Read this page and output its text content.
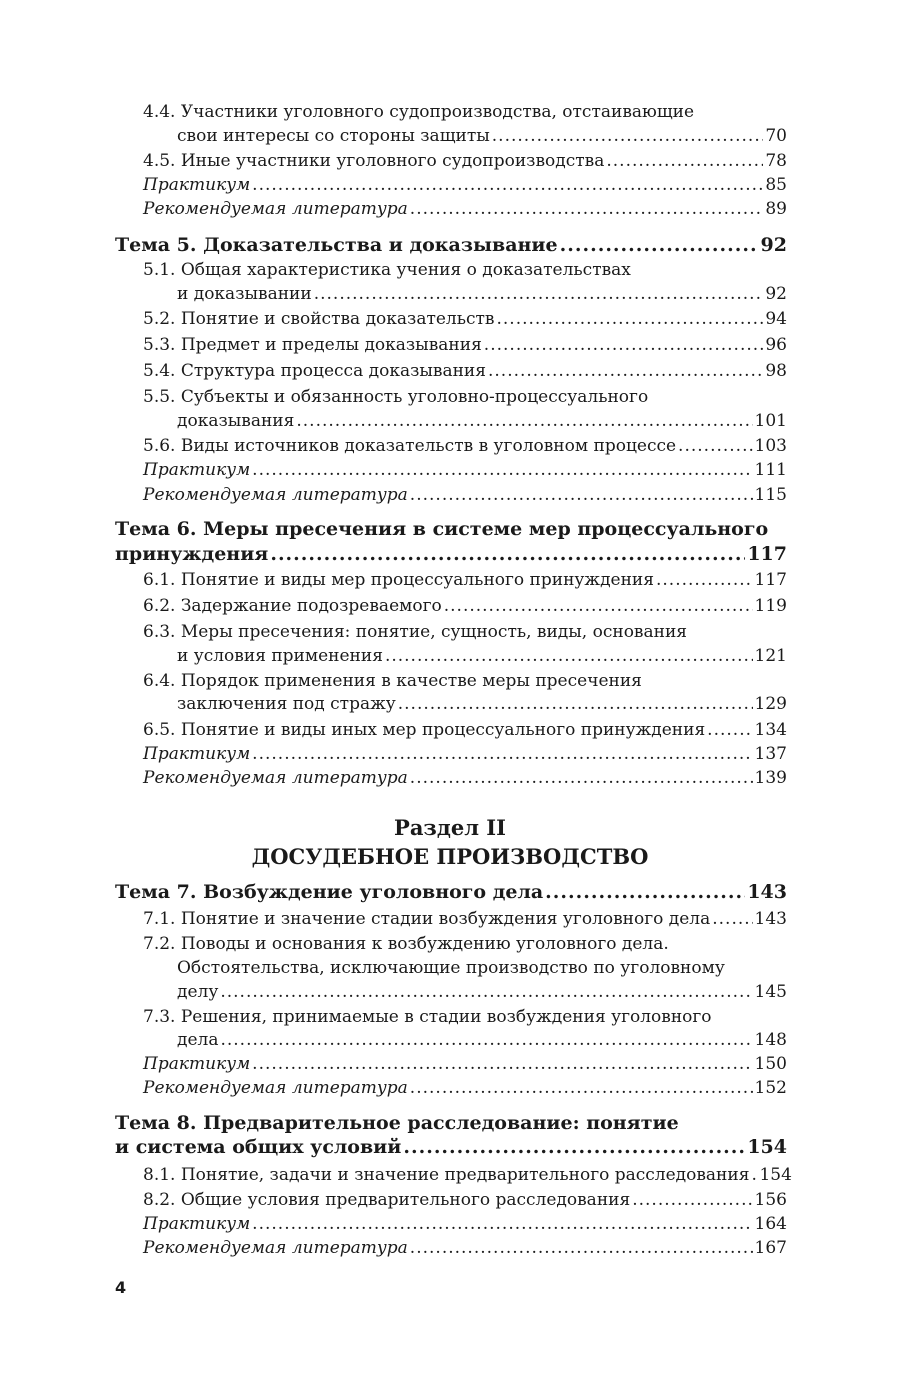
Раздел II
ДОСУДЕБНОЕ ПРОИЗВОДСТВО
4
4.4. Участники уголовного судопроизводства, отстаивающие
свои интересы со стороны защиты .....	70
4.5. Иные участники уголовного судопроизводства .....	78
Практикум .....	85
Рекомендуемая литература .....	89
Тема 5. Доказательства и доказывание .....	92
5.1. Общая характеристика учения о доказательствах
и доказывании .....	92
5.2. Понятие и свойства доказательств .....	94
5.3. Предмет и пределы доказывания .....	96
5.4. Структура процесса доказывания .....	98
5.5. Субъекты и обязанность уголовно-процессуального
доказывания .....	101
5.6. Виды источников доказательств в уголовном процессе .....	103
Практикум .....	111
Рекомендуемая литература .....	115
Тема 6. Меры пресечения в системе мер процессуального
принуждения .....	117
6.1. Понятие и виды мер процессуального принуждения .....	117
6.2. Задержание подозреваемого .....	119
6.3. Меры пресечения: понятие, сущность, виды, основания
и условия применения .....	121
6.4. Порядок применения в качестве меры пресечения
заключения под стражу .....	129
6.5. Понятие и виды иных мер процессуального принуждения .....	134
Практикум .....	137
Рекомендуемая литература .....	139
Тема 7. Возбуждение уголовного дела .....	143
7.1. Понятие и значение стадии возбуждения уголовного дела .....	143
7.2. Поводы и основания к возбуждению уголовного дела.
Обстоятельства, исключающие производство по уголовному
делу .....	145
7.3. Решения, принимаемые в стадии возбуждения уголовного
дела .....	148
Практикум .....	150
Рекомендуемая литература .....	152
Тема 8. Предварительное расследование: понятие
и система общих условий .....	154
8.1. Понятие, задачи и значение предварительного расследования ..... 154
8.2. Общие условия предварительного расследования .....	156
Практикум .....	164
Рекомендуемая литература .....	167
